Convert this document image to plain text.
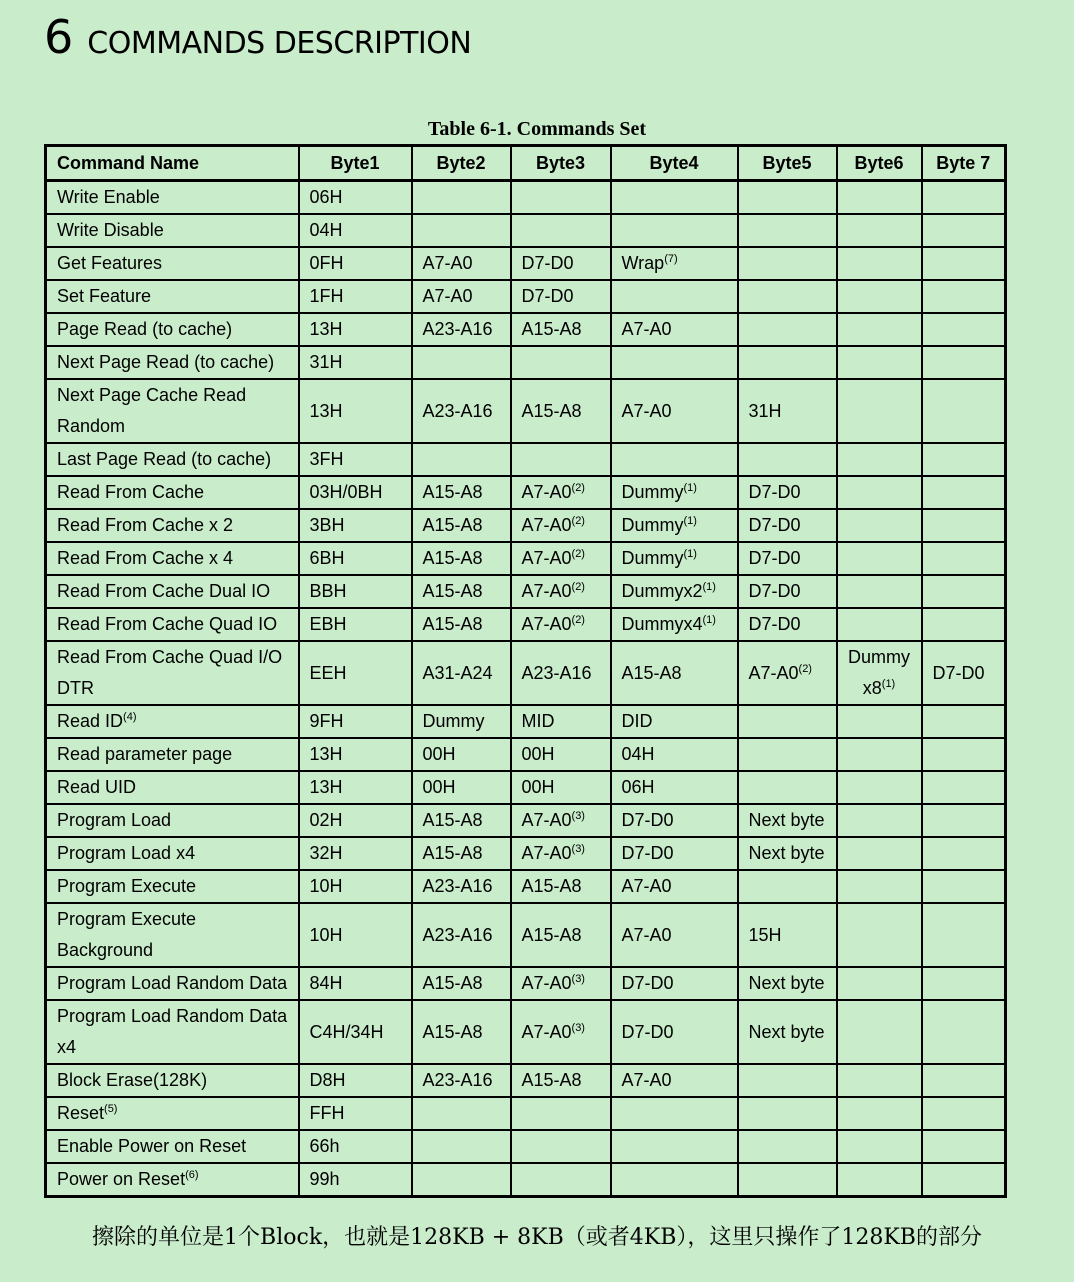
6 COMMANDS DESCRIPTION
Table 6-1. Commands Set
Command Name	Byte1	Byte2	Byte3	Byte4	Byte5	Byte6	Byte 7
Write Enable	06H						
Write Disable	04H						
Get Features	0FH	A7-A0	D7-D0	Wrap$^{(7)}$			
Set Feature	1FH	A7-A0	D7-D0				
Page Read (to cache)	13H	A23-A16	A15-A8	A7-A0			
Next Page Read (to cache)	31H						
Next Page Cache Read Random	13H	A23-A16	A15-A8	A7-A0	31H		
Last Page Read (to cache)	3FH						
Read From Cache	03H/0BH	A15-A8	A7-A0$^{(2)}$	Dummy$^{(1)}$	D7-D0		
Read From Cache x 2	3BH	A15-A8	A7-A0$^{(2)}$	Dummy$^{(1)}$	D7-D0		
Read From Cache x 4	6BH	A15-A8	A7-A0$^{(2)}$	Dummy$^{(1)}$	D7-D0		
Read From Cache Dual IO	BBH	A15-A8	A7-A0$^{(2)}$	Dummyx2$^{(1)}$	D7-D0		
Read From Cache Quad IO	EBH	A15-A8	A7-A0$^{(2)}$	Dummyx4$^{(1)}$	D7-D0		
Read From Cache Quad I/O DTR	EEH	A31-A24	A23-A16	A15-A8	A7-A0$^{(2)}$	Dummy x8$^{(1)}$	D7-D0
Read ID$^{(4)}$	9FH	Dummy	MID	DID			
Read parameter page	13H	00H	00H	04H			
Read UID	13H	00H	00H	06H			
Program Load	02H	A15-A8	A7-A0$^{(3)}$	D7-D0	Next byte		
Program Load x4	32H	A15-A8	A7-A0$^{(3)}$	D7-D0	Next byte		
Program Execute	10H	A23-A16	A15-A8	A7-A0			
Program Execute Background	10H	A23-A16	A15-A8	A7-A0	15H		
Program Load Random Data	84H	A15-A8	A7-A0$^{(3)}$	D7-D0	Next byte		
Program Load Random Data x4	C4H/34H	A15-A8	A7-A0$^{(3)}$	D7-D0	Next byte		
Block Erase(128K)	D8H	A23-A16	A15-A8	A7-A0			
Reset$^{(5)}$	FFH						
Enable Power on Reset	66h						
Power on Reset$^{(6)}$	99h						
擦除的单位是1个Block，也就是128KB + 8KB（或者4KB），这里只操作了128KB的部分
